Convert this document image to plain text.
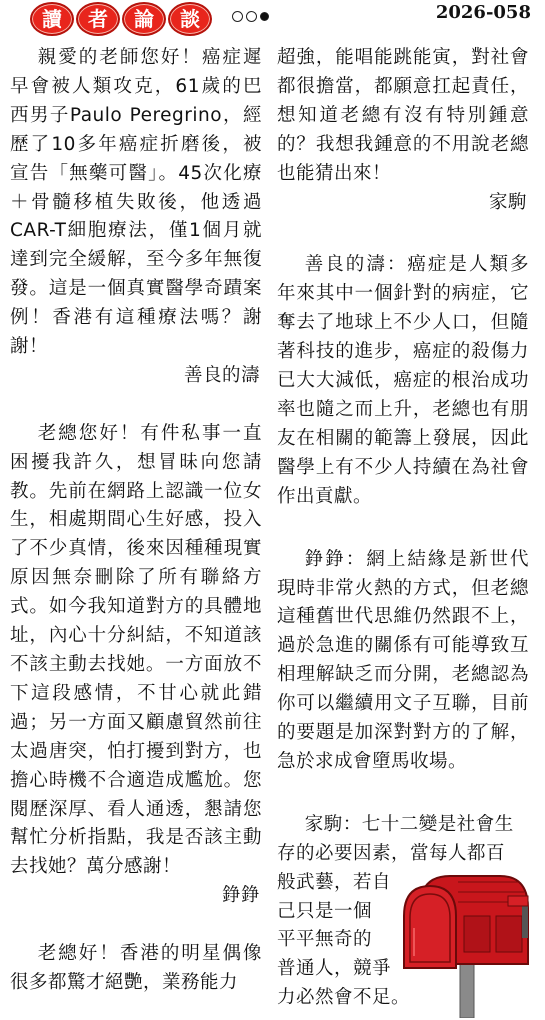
讀	者	論	談	2026-058

親愛的老師您好！癌症遲早會被人類攻克，61歲的巴西男子Paulo Peregrino，經歷了10多年癌症折磨後，被宣告「無藥可醫」。45次化療＋骨髓移植失敗後，他透過CAR-T細胞療法，僅1個月就達到完全緩解，至今多年無復發。這是一個真實醫學奇蹟案例！香港有這種療法嗎？謝謝！

善良的濤

老總您好！有件私事一直困擾我許久，想冒昧向您請教。先前在網路上認識一位女生，相處期間心生好感，投入了不少真情，後來因種種現實原因無奈刪除了所有聯絡方式。如今我知道對方的具體地址，內心十分糾結，不知道該不該主動去找她。一方面放不下這段感情，不甘心就此錯過；另一方面又顧慮貿然前往太過唐突，怕打擾到對方，也擔心時機不合適造成尷尬。您閱歷深厚、看人通透，懇請您幫忙分析指點，我是否該主動去找她？萬分感謝！

錚錚

老總好！香港的明星偶像很多都驚才絕艷，業務能力

超強，能唱能跳能寅，對社會都很擔當，都願意扛起責任，想知道老總有沒有特別鍾意的？我想我鍾意的不用說老總也能猜出來！

家駒

善良的濤：癌症是人類多年來其中一個針對的病症，它奪去了地球上不少人口，但隨著科技的進步，癌症的殺傷力已大大減低，癌症的根治成功率也隨之而上升，老總也有朋友在相關的範籌上發展，因此醫學上有不少人持續在為社會作出貢獻。

錚錚：網上結緣是新世代現時非常火熱的方式，但老總這種舊世代思維仍然跟不上，過於急進的關係有可能導致互相理解缺乏而分開，老總認為你可以繼續用文子互聯，目前的要題是加深對對方的了解，急於求成會墮馬收場。

家駒：七十二變是社會生
存的必要因素，當每人都百
般武藝，若自
己只是一個
平平無奇的
普通人，競爭
力必然會不足。
